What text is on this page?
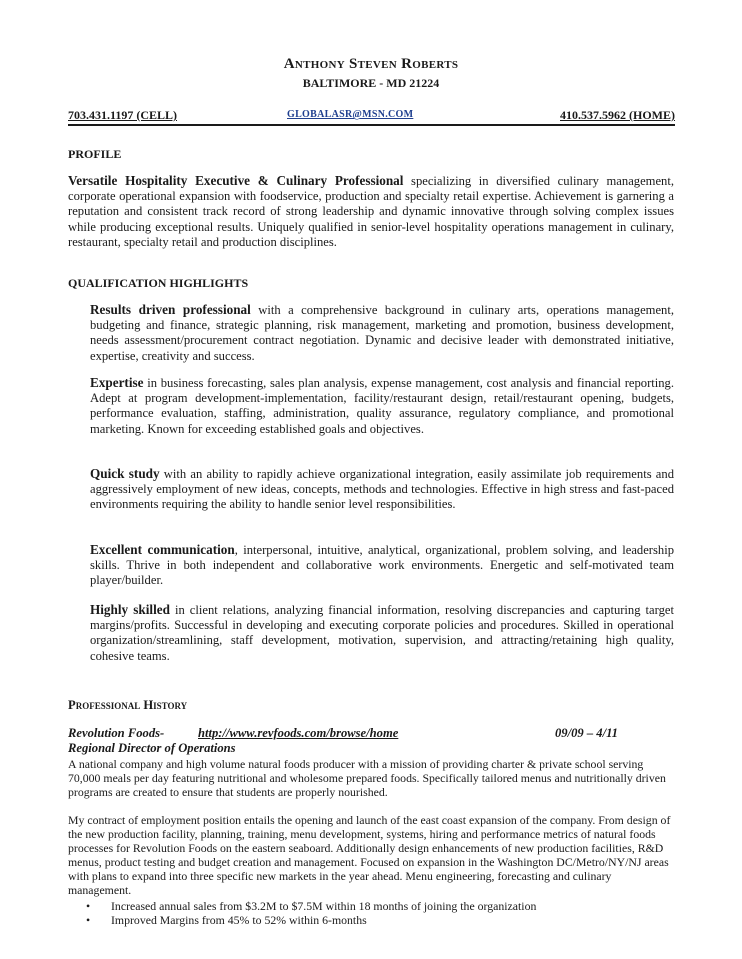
Anthony Steven Roberts
BALTIMORE - MD 21224
703.431.1197 (CELL)	GLOBALASR@MSN.COM	410.537.5962 (HOME)
PROFILE
Versatile Hospitality Executive & Culinary Professional specializing in diversified culinary management, corporate operational expansion with foodservice, production and specialty retail expertise. Achievement is garnering a reputation and consistent track record of strong leadership and dynamic innovative through solving complex issues while producing exceptional results. Uniquely qualified in senior-level hospitality operations management in culinary, restaurant, specialty retail and production disciplines.
QUALIFICATION HIGHLIGHTS
Results driven professional with a comprehensive background in culinary arts, operations management, budgeting and finance, strategic planning, risk management, marketing and promotion, business development, needs assessment/procurement contract negotiation. Dynamic and decisive leader with demonstrated initiative, expertise, creativity and success.
Expertise in business forecasting, sales plan analysis, expense management, cost analysis and financial reporting. Adept at program development-implementation, facility/restaurant design, retail/restaurant opening, budgets, performance evaluation, staffing, administration, quality assurance, regulatory compliance, and promotional marketing. Known for exceeding established goals and objectives.
Quick study with an ability to rapidly achieve organizational integration, easily assimilate job requirements and aggressively employment of new ideas, concepts, methods and technologies. Effective in high stress and fast-paced environments requiring the ability to handle senior level responsibilities.
Excellent communication, interpersonal, intuitive, analytical, organizational, problem solving, and leadership skills. Thrive in both independent and collaborative work environments. Energetic and self-motivated team player/builder.
Highly skilled in client relations, analyzing financial information, resolving discrepancies and capturing target margins/profits. Successful in developing and executing corporate policies and procedures. Skilled in operational organization/streamlining, staff development, motivation, supervision, and attracting/retaining high quality, cohesive teams.
Professional History
Revolution Foods-	http://www.revfoods.com/browse/home	09/09 – 4/11
Regional Director of Operations
A national company and high volume natural foods producer with a mission of providing charter & private school serving 70,000 meals per day featuring nutritional and wholesome prepared foods. Specifically tailored menus and nutritionally driven programs are created to ensure that students are properly nourished.
My contract of employment position entails the opening and launch of the east coast expansion of the company. From design of the new production facility, planning, training, menu development, systems, hiring and performance metrics of natural foods processes for Revolution Foods on the eastern seaboard. Additionally design enhancements of new production facilities, R&D menus, product testing and budget creation and management. Focused on expansion in the Washington DC/Metro/NY/NJ areas with plans to expand into three specific new markets in the year ahead. Menu engineering, forecasting and culinary management.
• Increased annual sales from $3.2M to $7.5M within 18 months of joining the organization
• Improved Margins from 45% to 52% within 6-months
